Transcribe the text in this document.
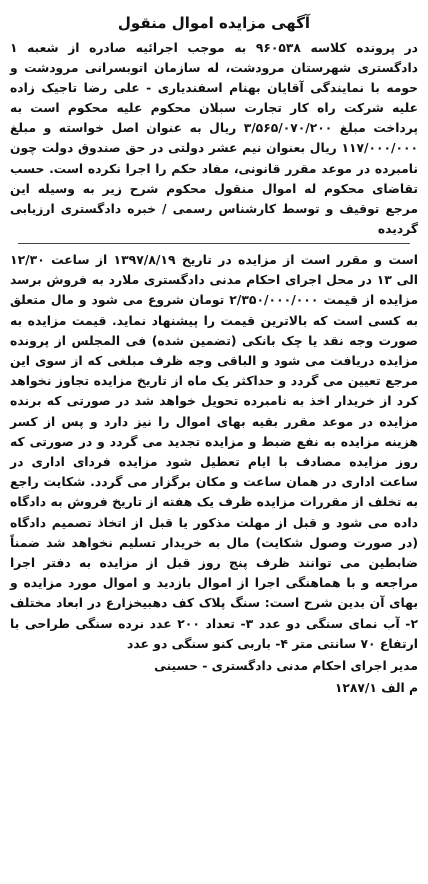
آگهی مزایده اموال منقول

در پرونده کلاسه ۹۶۰۵۳۸ به موجب اجرائیه صادره از شعبه ۱ دادگستری شهرستان مرودشت، له سازمان اتوبسرانی مرودشت و حومه با نمایندگی آقایان بهنام اسفندیاری - علی رضا تاجیک زاده علیه شرکت راه کار تجارت سبلان محکوم علیه محکوم است به پرداخت مبلغ ۳/۵۶۵/۰۷۰/۲۰۰ ریال به عنوان اصل خواسته و مبلغ ۱۱۷/۰۰۰/۰۰۰ ریال بعنوان نیم عشر دولتی در حق صندوق دولت چون نامبرده در موعد مقرر قانونی، مفاد حکم را اجرا نکرده است. حسب تقاضای محکوم له اموال منقول محکوم شرح زیر به وسیله این مرجع توقیف و توسط کارشناس رسمی / خبره دادگستری ارزیابی گردیده

است و مقرر است از مزایده در تاریخ ۱۳۹۷/۸/۱۹ از ساعت ۱۲/۳۰ الی ۱۳ در محل اجرای احکام مدنی دادگستری ملارد به فروش برسد مزایده از قیمت ۲/۳۵۰/۰۰۰/۰۰۰ تومان شروع می شود و مال متعلق به کسی است که بالاترین قیمت را پیشنهاد نماید. قیمت مزایده به صورت وجه نقد یا چک بانکی (تضمین شده) فی المجلس از پرونده مزایده دریافت می شود و الباقی وجه ظرف مبلغی که از سوی این مرجع تعیین می گردد و حداکثر یک ماه از تاریخ مزایده تجاوز نخواهد کرد از خریدار اخذ به نامبرده تحویل خواهد شد در صورتی که برنده مزایده در موعد مقرر بقیه بهای اموال را نیز دارد و پس از کسر هزینه مزایده به نفع ضبط و مزایده تجدید می گردد و در صورتی که روز مزایده مصادف با ایام تعطیل شود مزایده فردای اداری در ساعت اداری در همان ساعت و مکان برگزار می گردد. شکایت راجع به تخلف از مقررات مزایده ظرف یک هفته از تاریخ فروش به دادگاه داده می شود و قبل از مهلت مذکور یا قبل از اتخاذ تصمیم دادگاه (در صورت وصول شکایت) مال به خریدار تسلیم نخواهد شد ضمناً ضابطین می توانند ظرف پنج روز قبل از مزایده به دفتر اجرا مراجعه و با هماهنگی اجرا از اموال بازدید و اموال مورد مزایده و بهای آن بدین شرح است: سنگ پلاک کف دهبیخزارع در ابعاد مختلف ۲- آب نمای سنگی دو عدد ۳- تعداد ۲۰۰ عدد نرده سنگی طراحی با ارتفاع ۷۰ سانتی متر ۴- باربی کنو سنگی دو عدد

مدیر اجرای احکام مدنی دادگستری - حسینی

م الف ۱۲۸۷/۱
